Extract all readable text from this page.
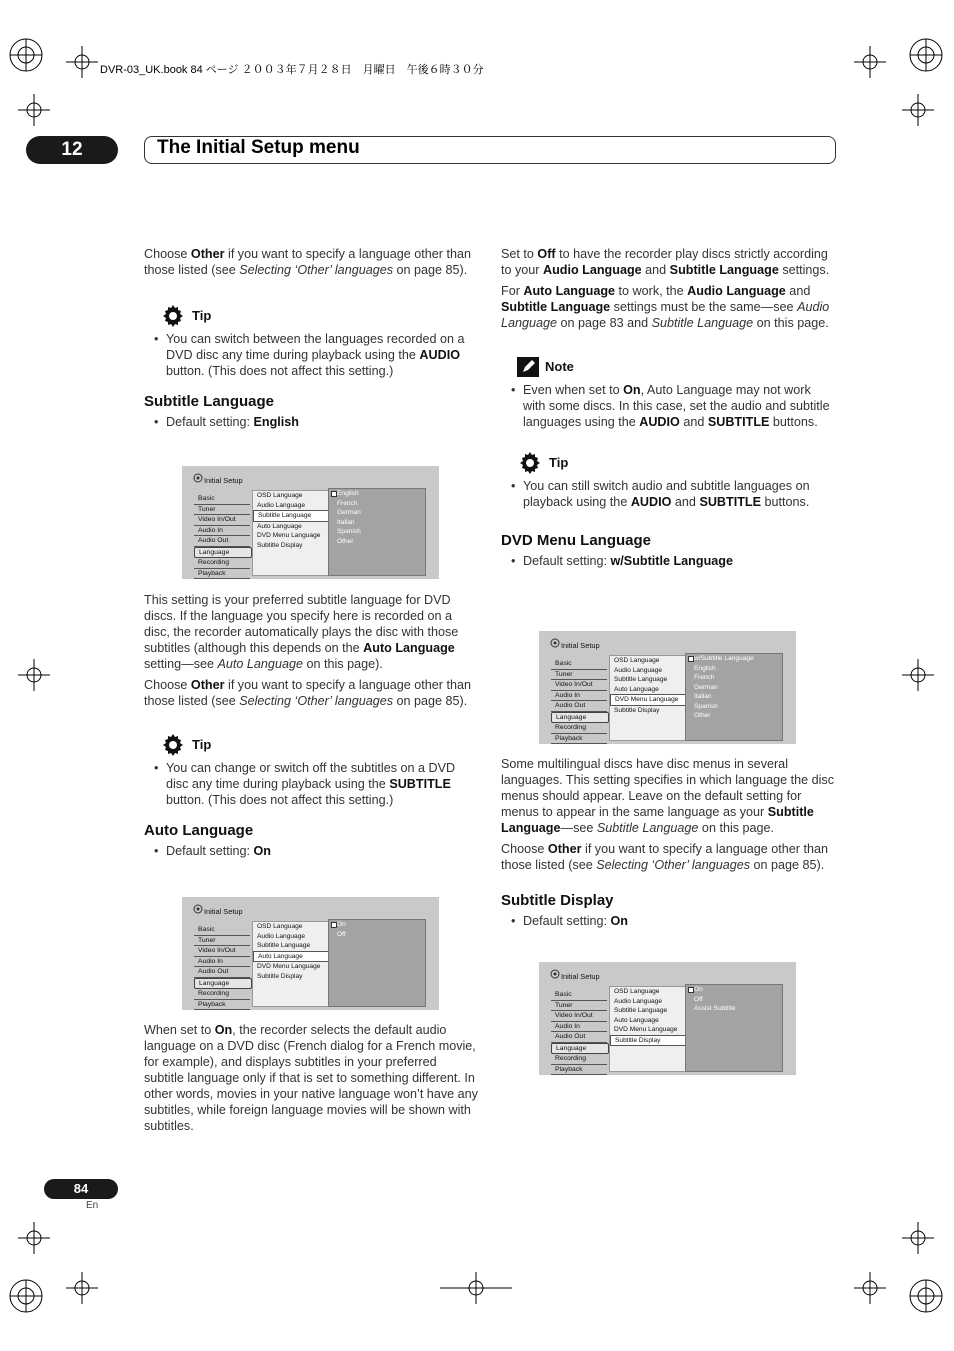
DVR-03_UK.book 84 ページ ２００３年７月２８日　月曜日　午後６時３０分
12	The Initial Setup menu

Choose Other if you want to specify a language other than those listed (see Selecting ‘Other’ languages on page 85).

Tip
• You can switch between the languages recorded on a DVD disc any time during playback using the AUDIO button. (This does not affect this setting.)
Subtitle Language
• Default setting: English
Initial Setup
Basic
Tuner
Video In/Out
Audio In
Audio Out
Language
Recording
Playback
OSD Language
Audio Language
Subtitle Language
Auto Language
DVD Menu Language
Subtitle Display
English
French
German
Italian
Spanish
Other

This setting is your preferred subtitle language for DVD discs. If the language you specify here is recorded on a disc, the recorder automatically plays the disc with those subtitles (although this depends on the Auto Language setting—see Auto Language on this page).

Choose Other if you want to specify a language other than those listed (see Selecting ‘Other’ languages on page 85).

Tip
• You can change or switch off the subtitles on a DVD disc any time during playback using the SUBTITLE button. (This does not affect this setting.)
Auto Language
• Default setting: On
Initial Setup
Basic
Tuner
Video In/Out
Audio In
Audio Out
Language
Recording
Playback
OSD Language
Audio Language
Subtitle Language
Auto Language
DVD Menu Language
Subtitle Display
On
Off

When set to On, the recorder selects the default audio language on a DVD disc (French dialog for a French movie, for example), and displays subtitles in your preferred subtitle language only if that is set to something different. In other words, movies in your native language won’t have any subtitles, while foreign language movies will be shown with subtitles.

Set to Off to have the recorder play discs strictly according to your Audio Language and Subtitle Language settings.

For Auto Language to work, the Audio Language and Subtitle Language settings must be the same—see Audio Language on page 83 and Subtitle Language on this page.

Note
• Even when set to On, Auto Language may not work with some discs. In this case, set the audio and subtitle languages using the AUDIO and SUBTITLE buttons.
Tip
• You can still switch audio and subtitle languages on playback using the AUDIO and SUBTITLE buttons.
DVD Menu Language
• Default setting: w/Subtitle Language
Initial Setup
Basic
Tuner
Video In/Out
Audio In
Audio Out
Language
Recording
Playback
OSD Language
Audio Language
Subtitle Language
Auto Language
DVD Menu Language
Subtitle Display
w/Subtitle Language
English
French
German
Italian
Spanish
Other

Some multilingual discs have disc menus in several languages. This setting specifies in which language the disc menus should appear. Leave on the default setting for menus to appear in the same language as your Subtitle Language—see Subtitle Language on this page.

Choose Other if you want to specify a language other than those listed (see Selecting ‘Other’ languages on page 85).

Subtitle Display
• Default setting: On
Initial Setup
Basic
Tuner
Video In/Out
Audio In
Audio Out
Language
Recording
Playback
OSD Language
Audio Language
Subtitle Language
Auto Language
DVD Menu Language
Subtitle Display
On
Off
Assist Subtitle
84
En
